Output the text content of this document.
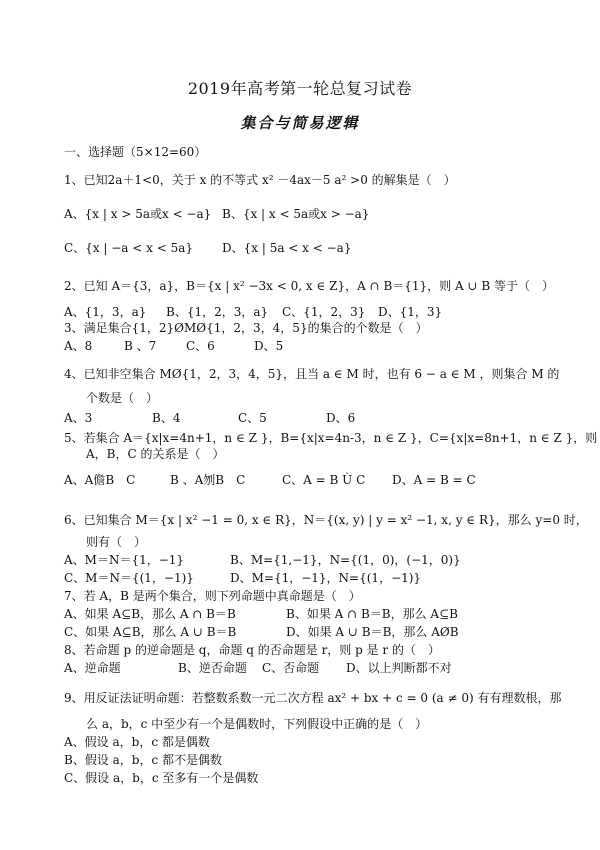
2019年高考第一轮总复习试卷
集合与简易逻辑
一、选择题（5×12=60）
1、已知2a＋1<0，关于 x 的不等式 x² －4ax－5 a² >0 的解集是（　）
A、{x | x > 5a或x < −a} B、{x | x < 5a或x > −a}
C、{x | −a < x < 5a} D、{x | 5a < x < −a}
2、已知 A＝{3，a}，B＝{x | x² −3x < 0, x ∈ Z}，A ∩ B＝{1}，则 A ∪ B 等于（　）
A、{1，3，a} B、{1，2，3，a} C、{1，2，3} D、{1，3}
3、满足集合{1，2}ØMØ{1，2，3，4，5}的集合的个数是（　）
A、8	B 、7 C、6	D、5
4、已知非空集合 MØ{1，2，3，4，5}，且当 a ∈ M 时，也有 6 − a ∈ M ，则集合 M 的
个数是（　）
A、3	B、4	C、5	D、6
5、若集合 A＝{x|x=4n+1，n ∈ Z }，B={x|x=4n-3，n ∈ Z }，C={x|x=8n+1，n ∈ Z }，则
A，B，C 的关系是（　）
A、A儋B　C	B 、A刎B　C	C、A = B Ù C D、A = B = C
6、已知集合 M＝{x | x² −1 = 0, x ∈ R}，N＝{(x, y) | y = x² −1, x, y ∈ R}，那么 y=0 时，
则有（　）
A、M＝N＝{1，−1}	B、M={1,−1}，N={(1，0)，(−1，0)}
C、M＝N＝{(1，−1)}	D、M={1，−1}，N={(1，−1)}
7、若 A，B 是两个集合，则下列命题中真命题是（　）
A、如果 A⊆B，那么 A ∩ B＝B	B、如果 A ∩ B＝B，那么 A⊆B
C、如果 A⊆B，那么 A ∪ B＝B	D、如果 A ∪ B＝B，那么 AØB
8、若命题 p 的逆命题是 q，命题 q 的否命题是 r，则 p 是 r 的（　）
A、逆命题	B、逆否命题 C、否命题 D、以上判断都不对
9、用反证法证明命题：若整数系数一元二次方程 ax² + bx + c = 0 (a ≠ 0) 有有理数根，那
么 a，b，c 中至少有一个是偶数时，下列假设中正确的是（　）
A、假设 a，b，c 都是偶数
B、假设 a，b，c 都不是偶数
C、假设 a，b，c 至多有一个是偶数
